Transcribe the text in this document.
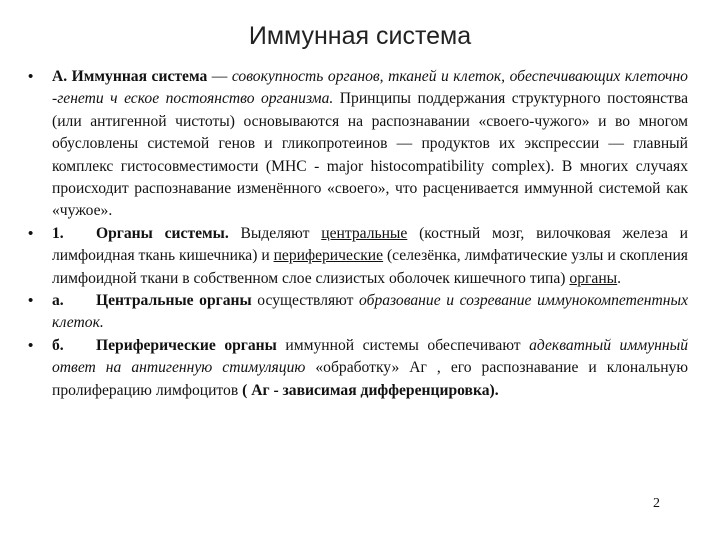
Иммунная система
• А. Иммунная система — совокупность органов, тканей и клеток, обеспечивающих клеточно -генети ч еское постоянство организма. Принципы поддержания структурного постоянства (или антигенной чистоты) основываются на распознавании «своего-чужого» и во многом обусловлены системой генов и гликопротеинов — продуктов их экспрессии — главный комплекс гистосовместимости (МНС - major histocompatibility complex). В многих случаях происходит распознавание изменённого «своего», что расценивается иммунной системой как «чужое».
• 1. Органы системы. Выделяют центральные (костный мозг, вилочковая железа и лимфоидная ткань кишечника) и периферические (селезёнка, лимфатические узлы и скопления лимфоидной ткани в собственном слое слизистых оболочек кишечного типа) органы.
• а. Центральные органы осуществляют образование и созревание иммунокомпетентных клеток.
• б. Периферические органы иммунной системы обеспечивают адекватный иммунный ответ на антигенную стимуляцию «обработку» Аг , его распознавание и клональную пролиферацию лимфоцитов ( Аг - зависимая дифференцировка).
2
